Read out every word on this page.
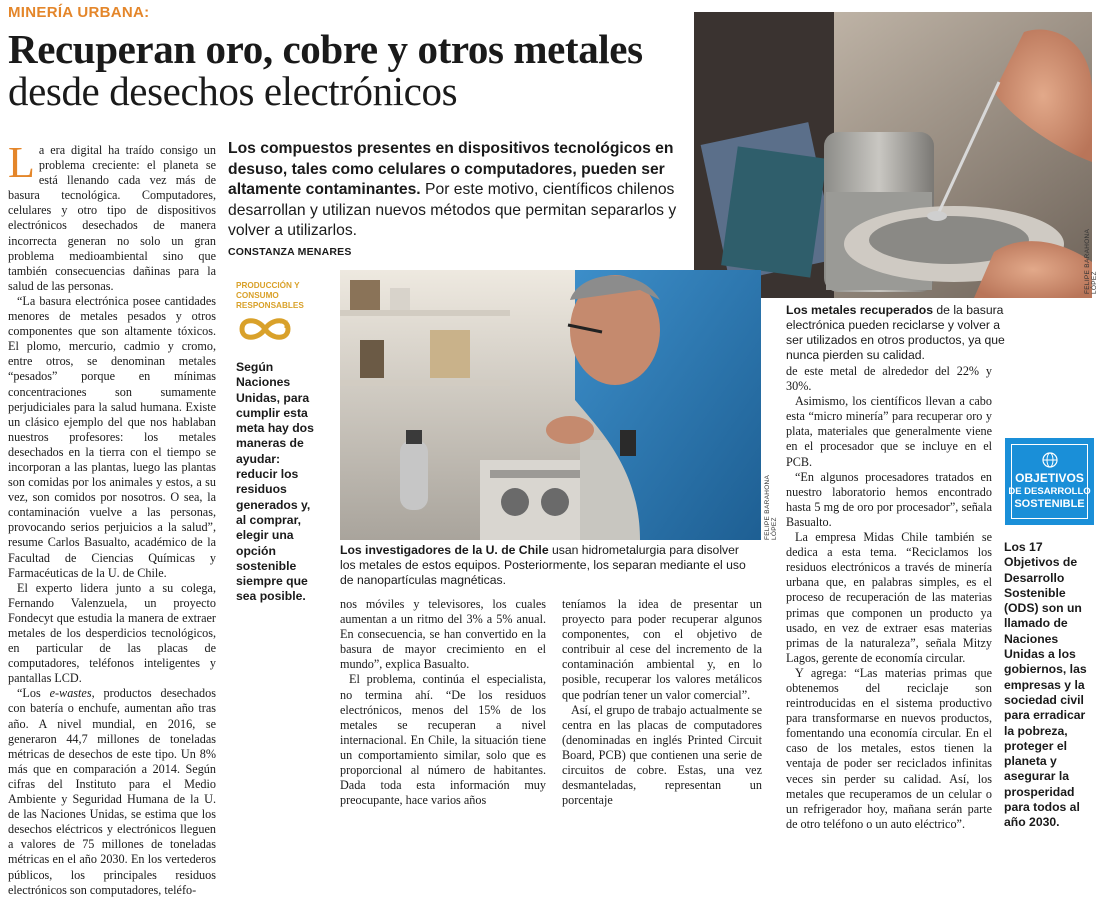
MINERÍA URBANA:
Recuperan oro, cobre y otros metales desde desechos electrónicos

La era digital ha traído consigo un problema creciente: el planeta se está llenando cada vez más de basura tecnológica. Computadores, celulares y otro tipo de dispositivos electrónicos desechados de manera incorrecta generan no solo un gran problema medioambiental sino que también consecuencias dañinas para la salud de las personas.

“La basura electrónica posee cantidades menores de metales pesados y otros componentes que son altamente tóxicos. El plomo, mercurio, cadmio y cromo, entre otros, se denominan metales “pesados” porque en mínimas concentraciones son sumamente perjudiciales para la salud humana. Existe un clásico ejemplo del que nos hablaban nuestros profesores: los metales desechados en la tierra con el tiempo se incorporan a las plantas, luego las plantas son comidas por los animales y estos, a su vez, son comidos por nosotros. O sea, la contaminación vuelve a las personas, provocando serios perjuicios a la salud”, resume Carlos Basualto, académico de la Facultad de Ciencias Químicas y Farmacéuticas de la U. de Chile.

El experto lidera junto a su colega, Fernando Valenzuela, un proyecto Fondecyt que estudia la manera de extraer metales de los desperdicios tecnológicos, en particular de las placas de computadores, teléfonos inteligentes y pantallas LCD.

“Los e-wastes, productos desechados con batería o enchufe, aumentan año tras año. A nivel mundial, en 2016, se generaron 44,7 millones de toneladas métricas de desechos de este tipo. Un 8% más que en comparación a 2014. Según cifras del Instituto para el Medio Ambiente y Seguridad Humana de la U. de las Naciones Unidas, se estima que los desechos eléctricos y electrónicos lleguen a valores de 75 millones de toneladas métricas en el año 2030. En los vertederos públicos, los principales residuos electrónicos son computadores, teléfo-

Los compuestos presentes en dispositivos tecnológicos en desuso, tales como celulares o computadores, pueden ser altamente contaminantes. Por este motivo, científicos chilenos desarrollan y utilizan nuevos métodos que permitan separarlos y volver a utilizarlos.
CONSTANZA MENARES
PRODUCCIÓN Y CONSUMO RESPONSABLES
Según Naciones Unidas, para cumplir esta meta hay dos maneras de ayudar: reducir los residuos generados y, al comprar, elegir una opción sostenible siempre que sea posible.
FELIPE BARAHONA LÓPEZ
Los metales recuperados de la basura electrónica pueden reciclarse y volver a ser utilizados en otros productos, ya que nunca pierden su calidad.
FELIPE BARAHONA LÓPEZ
Los investigadores de la U. de Chile usan hidrometalurgia para disolver los metales de estos equipos. Posteriormente, los separan mediante el uso de nanopartículas magnéticas.

nos móviles y televisores, los cuales aumentan a un ritmo del 3% a 5% anual. En consecuencia, se han convertido en la basura de mayor crecimiento en el mundo”, explica Basualto.

El problema, continúa el especialista, no termina ahí. “De los residuos electrónicos, menos del 15% de los metales se recuperan a nivel internacional. En Chile, la situación tiene un comportamiento similar, solo que es proporcional al número de habitantes. Dada toda esta información muy preocupante, hace varios años

teníamos la idea de presentar un proyecto para poder recuperar algunos componentes, con el objetivo de contribuir al cese del incremento de la contaminación ambiental y, en lo posible, recuperar los valores metálicos que podrían tener un valor comercial”.

Así, el grupo de trabajo actualmente se centra en las placas de computadores (denominadas en inglés Printed Circuit Board, PCB) que contienen una serie de circuitos de cobre. Estas, una vez desmanteladas, representan un porcentaje

de este metal de alrededor del 22% y 30%.

Asimismo, los científicos llevan a cabo esta “micro minería” para recuperar oro y plata, materiales que generalmente viene en el procesador que se incluye en el PCB.

“En algunos procesadores tratados en nuestro laboratorio hemos encontrado hasta 5 mg de oro por procesador”, señala Basualto.

La empresa Midas Chile también se dedica a esta tema. “Reciclamos los residuos electrónicos a través de minería urbana que, en palabras simples, es el proceso de recuperación de las materias primas que componen un producto ya usado, en vez de extraer esas materias primas de la naturaleza”, señala Mitzy Lagos, gerente de economía circular.

Y agrega: “Las materias primas que obtenemos del reciclaje son reintroducidas en el sistema productivo para transformarse en nuevos productos, fomentando una economía circular. En el caso de los metales, estos tienen la ventaja de poder ser reciclados infinitas veces sin perder su calidad. Así, los metales que recuperamos de un celular o un refrigerador hoy, mañana serán parte de otro teléfono o un auto eléctrico”.

OBJETIVOS
DE DESARROLLO
SOSTENIBLE
Los 17 Objetivos de Desarrollo Sostenible (ODS) son un llamado de Naciones Unidas a los gobiernos, las empresas y la sociedad civil para erradicar la pobreza, proteger el planeta y asegurar la prosperidad para todos al año 2030.
